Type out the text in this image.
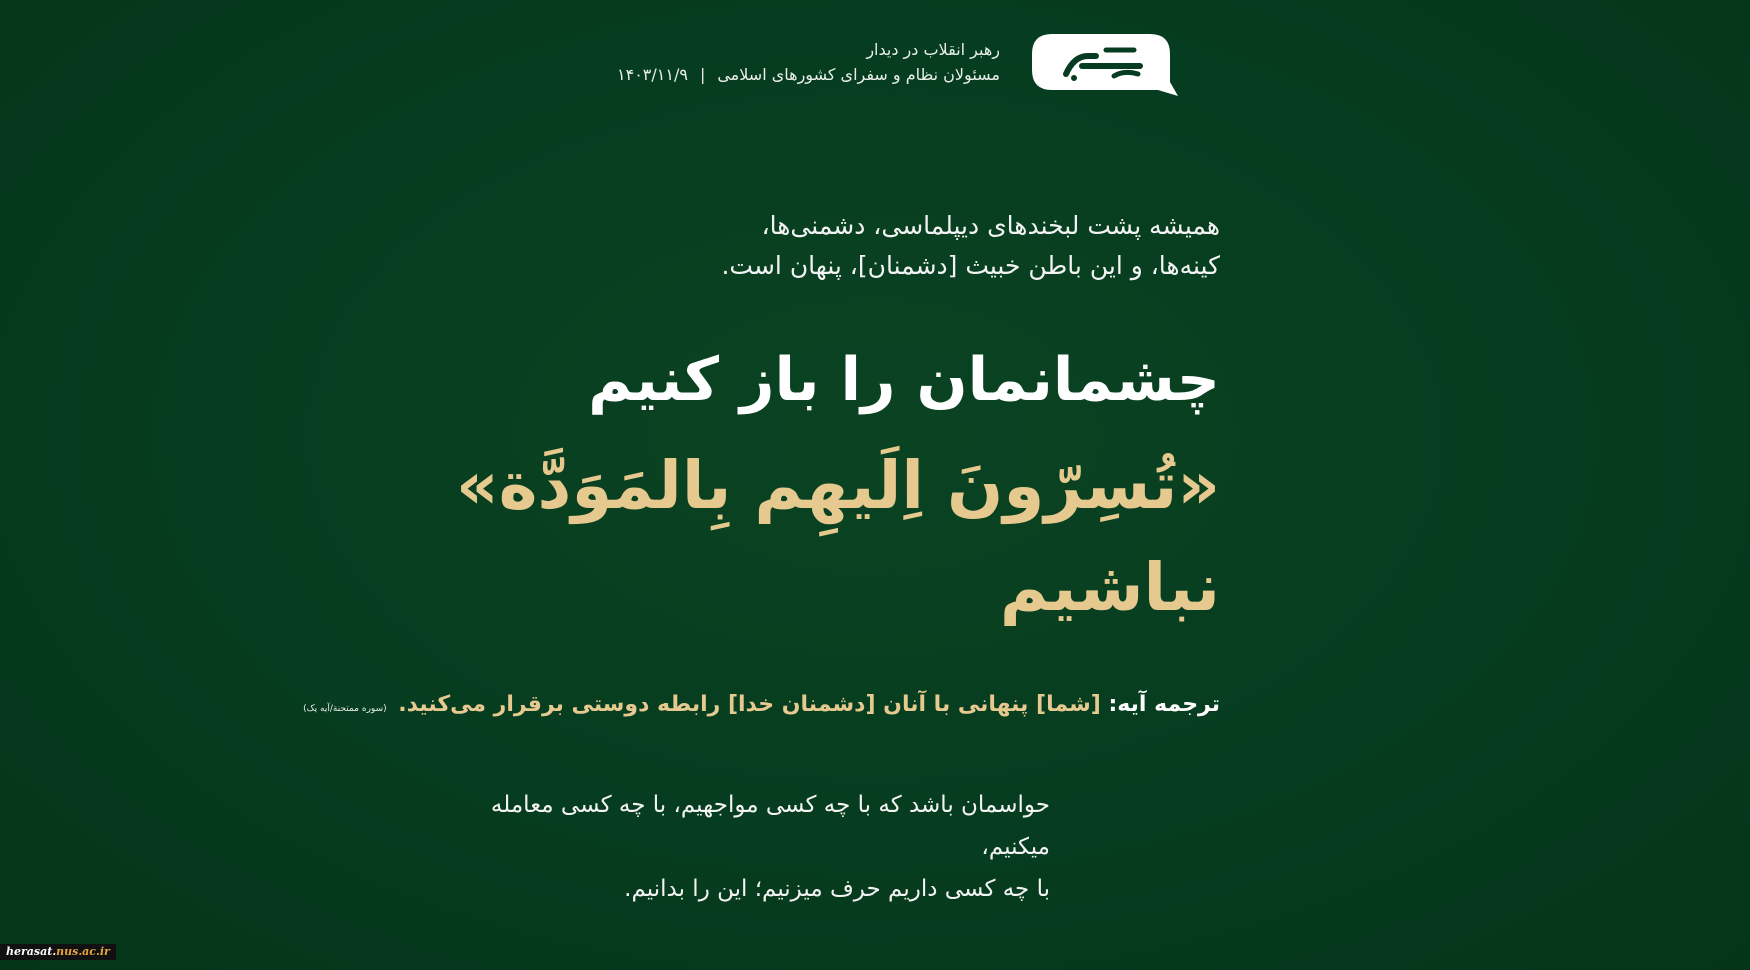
رهبر انقلاب در دیدار
مسئولان نظام و سفرای کشورهای اسلامی
|
۱۴۰۳/۱۱/۹

همیشه پشت لبخندهای دیپلماسی، دشمنی‌ها،

کینه‌ها، و این باطن خبیث [دشمنان]، پنهان است.

چشمانمان را باز کنیم
«تُسِرّونَ اِلَیهِم بِالمَوَدَّة»
نباشیم
ترجمه آیه: [شما] پنهانی با آنان [دشمنان خدا] رابطه دوستی برقرار می‌کنید. (سوره ممتحنة/آیه یک)

حواسمان باشد که با چه کسی مواجهیم، با چه کسی معامله میکنیم،

با چه کسی داریم حرف میزنیم؛ این را بدانیم.

herasat.nus.ac.ir
